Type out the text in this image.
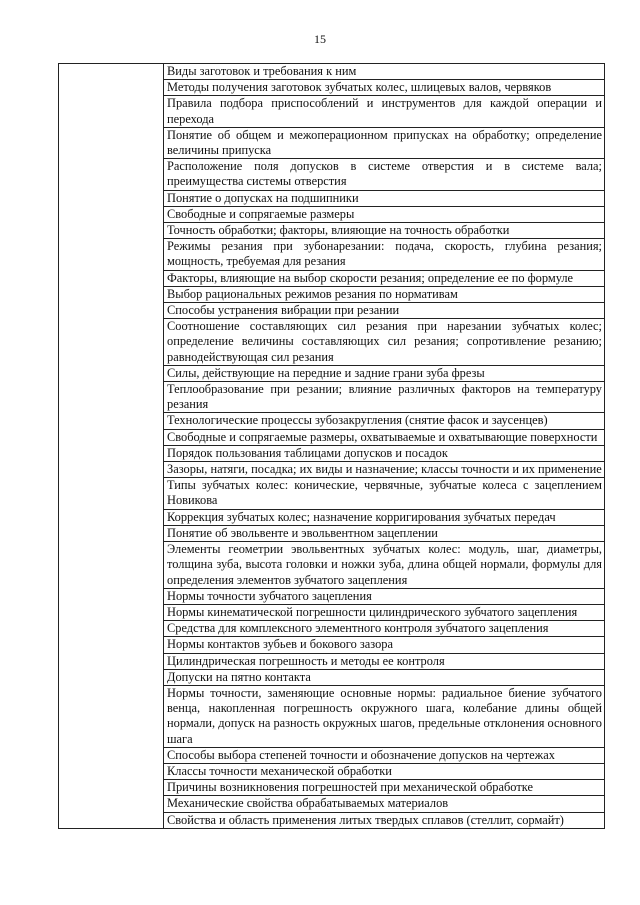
15
	Виды заготовок и требования к ним
Методы получения заготовок зубчатых колес, шлицевых валов, червяков
Правила подбора приспособлений и инструментов для каждой операции и перехода
Понятие об общем и межоперационном припусках на обработку; определение величины припуска
Расположение поля допусков в системе отверстия и в системе вала; преимущества системы отверстия
Понятие о допусках на подшипники
Свободные и сопрягаемые размеры
Точность обработки; факторы, влияющие на точность обработки
Режимы резания при зубонарезании: подача, скорость, глубина резания; мощность, требуемая для резания
Факторы, влияющие на выбор скорости резания; определение ее по формуле
Выбор рациональных режимов резания по нормативам
Способы устранения вибрации при резании
Соотношение составляющих сил резания при нарезании зубчатых колес; определение величины составляющих сил резания; сопротивление резанию; равнодействующая сил резания
Силы, действующие на передние и задние грани зуба фрезы
Теплообразование при резании; влияние различных факторов на температуру резания
Технологические процессы зубозакругления (снятие фасок и заусенцев)
Свободные и сопрягаемые размеры, охватываемые и охватывающие поверхности
Порядок пользования таблицами допусков и посадок
Зазоры, натяги, посадка; их виды и назначение; классы точности и их применение
Типы зубчатых колес: конические, червячные, зубчатые колеса с зацеплением Новикова
Коррекция зубчатых колес; назначение корригирования зубчатых передач
Понятие об эвольвенте и эвольвентном зацеплении
Элементы геометрии эвольвентных зубчатых колес: модуль, шаг, диаметры, толщина зуба, высота головки и ножки зуба, длина общей нормали, формулы для определения элементов зубчатого зацепления
Нормы точности зубчатого зацепления
Нормы кинематической погрешности цилиндрического зубчатого зацепления
Средства для комплексного элементного контроля зубчатого зацепления
Нормы контактов зубьев и бокового зазора
Цилиндрическая погрешность и методы ее контроля
Допуски на пятно контакта
Нормы точности, заменяющие основные нормы: радиальное биение зубчатого венца, накопленная погрешность окружного шага, колебание длины общей нормали, допуск на разность окружных шагов, предельные отклонения основного шага
Способы выбора степеней точности и обозначение допусков на чертежах
Классы точности механической обработки
Причины возникновения погрешностей при механической обработке
Механические свойства обрабатываемых материалов
Свойства и область применения литых твердых сплавов (стеллит, сормайт)
